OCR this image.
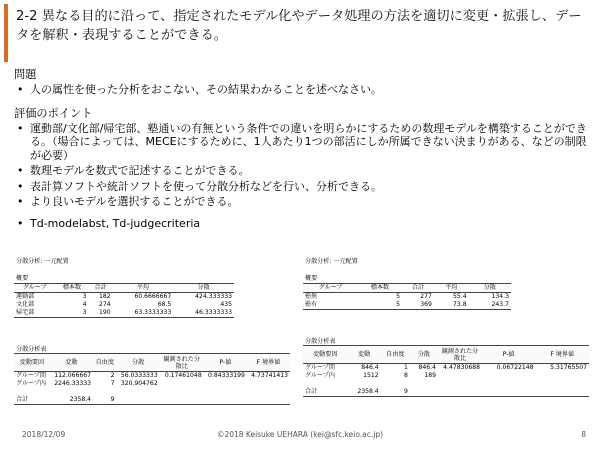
2-2 異なる目的に沿って、指定されたモデル化やデータ処理の方法を適切に変更・拡張し、データを解釈・表現することができる。

問題

• 人の属性を使った分析をおこない、その結果わかることを述べなさい。

評価のポイント

• 運動部/文化部/帰宅部、塾通いの有無という条件での違いを明らかにするための数理モデルを構築することができる。（場合によっては、MECEにするために、1人あたり1つの部活にしか所属できない決まりがある、などの制限が必要）

• 数理モデルを数式で記述することができる。

• 表計算ソフトや統計ソフトを使って分散分析などを行い、分析できる。

• より良いモデルを選択することができる。

• Td-modelabst, Td-judgecriteria

分散分析: 一元配置
概要
グループ	標本数	合計	平均	分散
運動部	3	182	60.6666667	424.333333
文化部	4	274	68.5	435
帰宅部	3	190	63.3333333	46.3333333
分散分析表
変動要因	変動	自由度	分散	観測された分散比	P-値	F 境界値
グループ間	112.066667	2	56.0333333	0.17461048	0.84333199	4.73741413
グループ内	2246.33333	7	320.904762			

合計	2358.4	9				
分散分析: 一元配置
概要
グループ	標本数	合計	平均	分散
塾無	5	277	55.4	134.3
塾有	5	369	73.8	243.7
分散分析表
変動要因	変動	自由度	分散	観測された分散比	P-値	F 境界値
グループ間	846.4	1	846.4	4.47830688	0.06722148	5.31765507
グループ内	1512	8	189			

合計	2358.4	9				
2018/12/09	©2018 Keisuke UEHARA (kei@sfc.keio.ac.jp)	8
